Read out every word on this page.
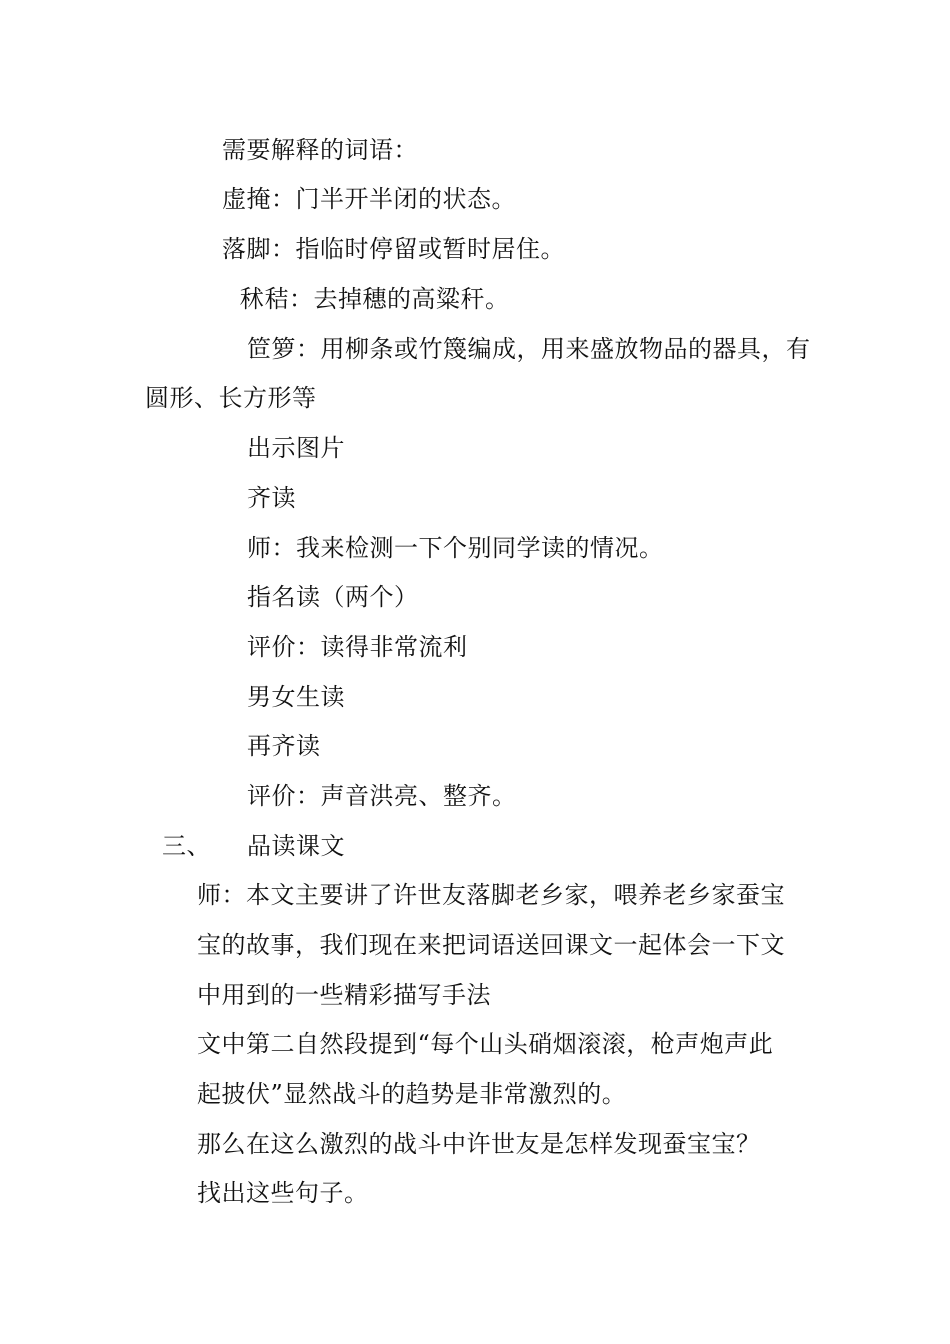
需要解释的词语：
虚掩：门半开半闭的状态。
落脚：指临时停留或暂时居住。
秫秸：去掉穗的高粱秆。
笸箩：用柳条或竹篾编成，用来盛放物品的器具，有
圆形、长方形等
出示图片
齐读
师：我来检测一下个别同学读的情况。
指名读（两个）
评价：读得非常流利
男女生读
再齐读
评价：声音洪亮、整齐。
三、 品读课文
师：本文主要讲了许世友落脚老乡家，喂养老乡家蚕宝
宝的故事，我们现在来把词语送回课文一起体会一下文
中用到的一些精彩描写手法
文中第二自然段提到“每个山头硝烟滚滚，枪声炮声此
起披伏”显然战斗的趋势是非常激烈的。
那么在这么激烈的战斗中许世友是怎样发现蚕宝宝？
找出这些句子。
